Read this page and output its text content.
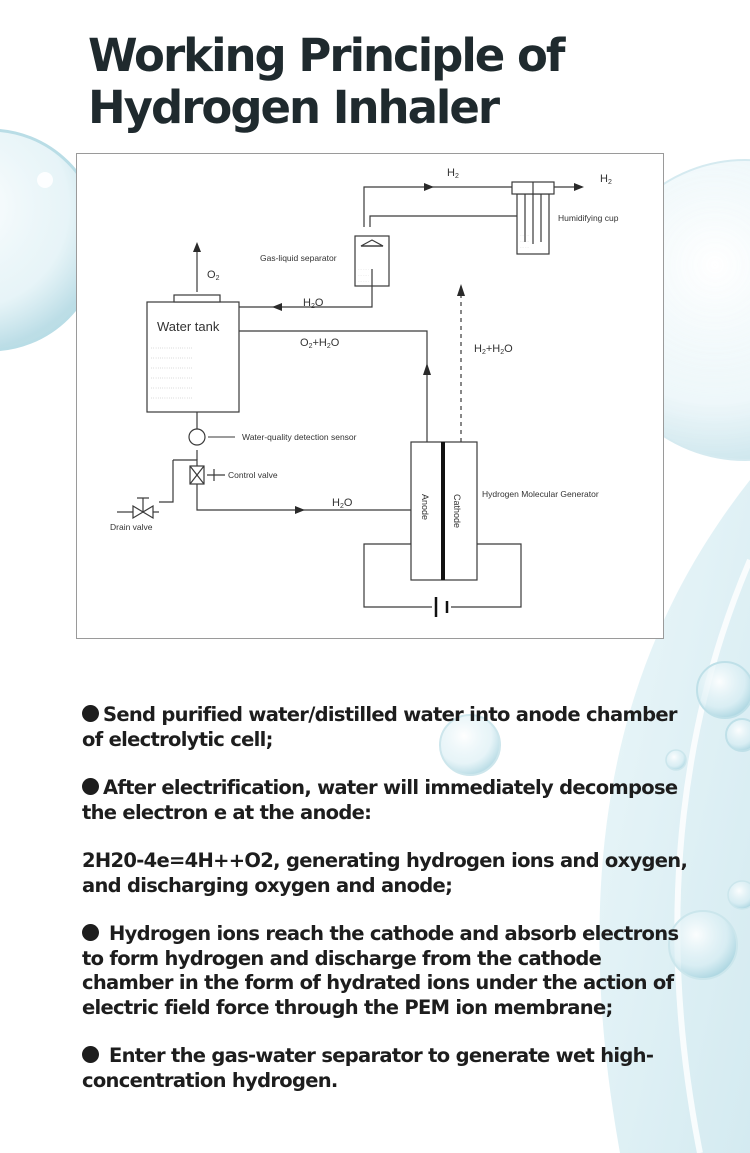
Working Principle of
Hydrogen Inhaler
. . . . . .
. . . . . .
. . . . . .
. . . . . . .
. . . . . . .
. . . . . . .
: : : : : : : : : : : : : : : : : : :
: : : : : : : : : : : : : : : : : : :
: : : : : : : : : : : : : : : : : : :
: : : : : : : : : : : : : : : : : : :
: : : : : : : : : : : : : : : : : : :
: : : : : : : : : : : : : : : : : : :
H2	H2
Humidifying cup
Gas-liquid separator
O2
H2O
Water tank
O2+H2O	H2+H2O
Water-quality detection sensor
Control valve
H2O
Hydrogen Molecular Generator
Drain valve
Anode Cathode

Send purified water/distilled water into anode chamber of electrolytic cell;

After electrification, water will immediately decompose the electron e at the anode:

2H20-4e=4H++O2, generating hydrogen ions and oxygen, and discharging oxygen and anode;

Hydrogen ions reach the cathode and absorb electrons to form hydrogen and discharge from the cathode chamber in the form of hydrated ions under the action of electric field force through the PEM ion membrane;

Enter the gas-water separator to generate wet high-concentration hydrogen.
